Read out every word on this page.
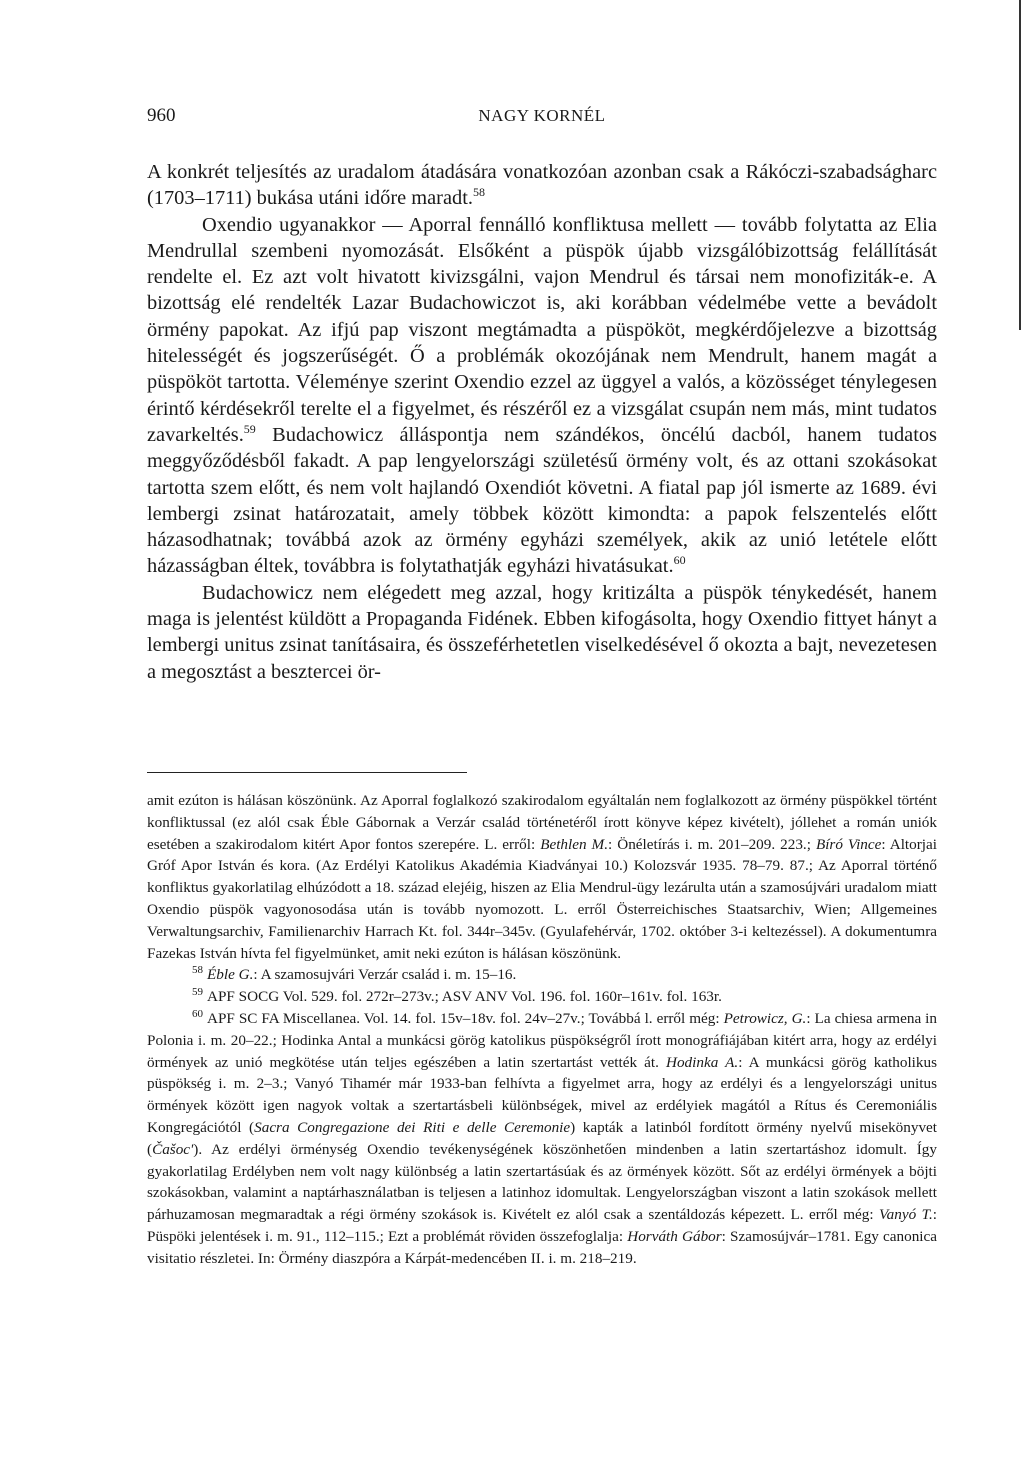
960	NAGY KORNÉL

A konkrét teljesítés az uradalom átadására vonatkozóan azonban csak a Rákóczi-szabadságharc (1703–1711) bukása utáni időre maradt.$^{58}$

Oxendio ugyanakkor — Aporral fennálló konfliktusa mellett — tovább folytatta az Elia Mendrullal szembeni nyomozását. Elsőként a püspök újabb vizsgálóbizottság felállítását rendelte el. Ez azt volt hivatott kivizsgálni, vajon Mendrul és társai nem monofiziták-e. A bizottság elé rendelték Lazar Budachowiczot is, aki korábban védelmébe vette a bevádolt örmény papokat. Az ifjú pap viszont megtámadta a püspököt, megkérdőjelezve a bizottság hitelességét és jogszerűségét. Ő a problémák okozójának nem Mendrult, hanem magát a püspököt tartotta. Véleménye szerint Oxendio ezzel az üggyel a valós, a közösséget ténylegesen érintő kérdésekről terelte el a figyelmet, és részéről ez a vizsgálat csupán nem más, mint tudatos zavarkeltés.$^{59}$ Budachowicz álláspontja nem szándékos, öncélú dacból, hanem tudatos meggyőződésből fakadt. A pap lengyelországi születésű örmény volt, és az ottani szokásokat tartotta szem előtt, és nem volt hajlandó Oxendiót követni. A fiatal pap jól ismerte az 1689. évi lembergi zsinat határozatait, amely többek között kimondta: a papok felszentelés előtt házasodhatnak; továbbá azok az örmény egyházi személyek, akik az unió letétele előtt házasságban éltek, továbbra is folytathatják egyházi hivatásukat.$^{60}$

Budachowicz nem elégedett meg azzal, hogy kritizálta a püspök ténykedését, hanem maga is jelentést küldött a Propaganda Fidének. Ebben kifogásolta, hogy Oxendio fittyet hányt a lembergi unitus zsinat tanításaira, és összeférhetetlen viselkedésével ő okozta a bajt, nevezetesen a megosztást a besztercei ör-

amit ezúton is hálásan köszönünk. Az Aporral foglalkozó szakirodalom egyáltalán nem foglalkozott az örmény püspökkel történt konfliktussal (ez alól csak Éble Gábornak a Verzár család történetéről írott könyve képez kivételt), jóllehet a román uniók esetében a szakirodalom kitért Apor fontos szerepére. L. erről: Bethlen M.: Önéletírás i. m. 201–209. 223.; Bíró Vince: Altorjai Gróf Apor István és kora. (Az Erdélyi Katolikus Akadémia Kiadványai 10.) Kolozsvár 1935. 78–79. 87.; Az Aporral történő konfliktus gyakorlatilag elhúzódott a 18. század elejéig, hiszen az Elia Mendrul-ügy lezárulta után a szamosújvári uradalom miatt Oxendio püspök vagyonosodása után is tovább nyomozott. L. erről Österreichisches Staatsarchiv, Wien; Allgemeines Verwaltungsarchiv, Familienarchiv Harrach Kt. fol. 344r–345v. (Gyulafehérvár, 1702. október 3-i keltezéssel). A dokumentumra Fazekas István hívta fel figyelmünket, amit neki ezúton is hálásan köszönünk.

$^{58}$ Éble G.: A szamosujvári Verzár család i. m. 15–16.

$^{59}$ APF SOCG Vol. 529. fol. 272r–273v.; ASV ANV Vol. 196. fol. 160r–161v. fol. 163r.

$^{60}$ APF SC FA Miscellanea. Vol. 14. fol. 15v–18v. fol. 24v–27v.; Továbbá l. erről még: Petrowicz, G.: La chiesa armena in Polonia i. m. 20–22.; Hodinka Antal a munkácsi görög katolikus püspökségről írott monográfiájában kitért arra, hogy az erdélyi örmények az unió megkötése után teljes egészében a latin szertartást vették át. Hodinka A.: A munkácsi görög katholikus püspökség i. m. 2–3.; Vanyó Tihamér már 1933-ban felhívta a figyelmet arra, hogy az erdélyi és a lengyelországi unitus örmények között igen nagyok voltak a szertartásbeli különbségek, mivel az erdélyiek magától a Rítus és Ceremoniális Kongregációtól (Sacra Congregazione dei Riti e delle Ceremonie) kapták a latinból fordított örmény nyelvű misekönyvet (Čašoc'). Az erdélyi örménység Oxendio tevékenységének köszönhetően mindenben a latin szertartáshoz idomult. Így gyakorlatilag Erdélyben nem volt nagy különbség a latin szertartásúak és az örmények között. Sőt az erdélyi örmények a böjti szokásokban, valamint a naptárhasználatban is teljesen a latinhoz idomultak. Lengyelországban viszont a latin szokások mellett párhuzamosan megmaradtak a régi örmény szokások is. Kivételt ez alól csak a szentáldozás képezett. L. erről még: Vanyó T.: Püspöki jelentések i. m. 91., 112–115.; Ezt a problémát röviden összefoglalja: Horváth Gábor: Szamosújvár–1781. Egy canonica visitatio részletei. In: Örmény diaszpóra a Kárpát-medencében II. i. m. 218–219.
